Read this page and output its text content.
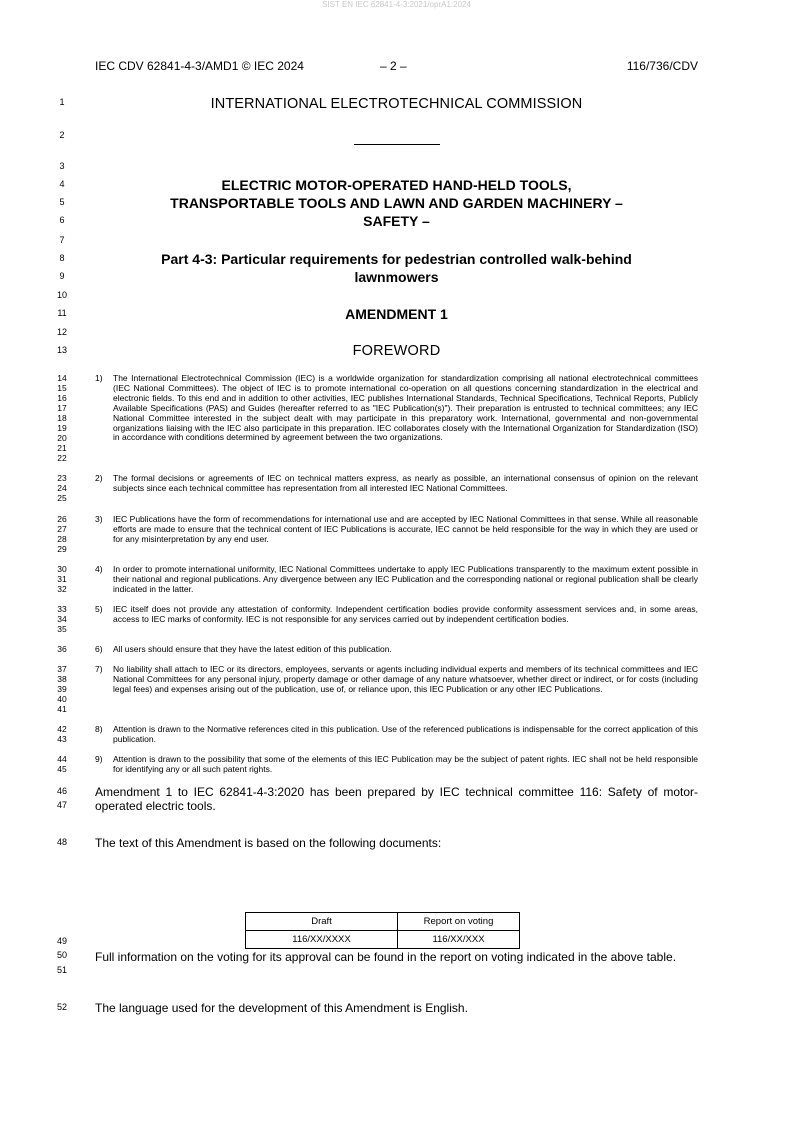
SIST EN IEC 62841-4-3:2021/oprA1:2024
IEC CDV 62841-4-3/AMD1 © IEC 2024	– 2 –	116/736/CDV
1
2
3
4
5
6
7
8
9
10
11
12
13
14
15
16
17
18
19
20
21
22
23
24
25
26
27
28
29
30
31
32
33
34
35
36
37
38
39
40
41
42
43
44
45
46
47
48
49
50
51
52
INTERNATIONAL ELECTROTECHNICAL COMMISSION
ELECTRIC MOTOR-OPERATED HAND-HELD TOOLS,
TRANSPORTABLE TOOLS AND LAWN AND GARDEN MACHINERY –
SAFETY –
Part 4-3: Particular requirements for pedestrian controlled walk-behind
lawnmowers
AMENDMENT 1
FOREWORD
1) The International Electrotechnical Commission (IEC) is a worldwide organization for standardization comprising all national electrotechnical committees (IEC National Committees). The object of IEC is to promote international co-operation on all questions concerning standardization in the electrical and electronic fields. To this end and in addition to other activities, IEC publishes International Standards, Technical Specifications, Technical Reports, Publicly Available Specifications (PAS) and Guides (hereafter referred to as "IEC Publication(s)"). Their preparation is entrusted to technical committees; any IEC National Committee interested in the subject dealt with may participate in this preparatory work. International, governmental and non-governmental organizations liaising with the IEC also participate in this preparation. IEC collaborates closely with the International Organization for Standardization (ISO) in accordance with conditions determined by agreement between the two organizations.
2) The formal decisions or agreements of IEC on technical matters express, as nearly as possible, an international consensus of opinion on the relevant subjects since each technical committee has representation from all interested IEC National Committees.
3) IEC Publications have the form of recommendations for international use and are accepted by IEC National Committees in that sense. While all reasonable efforts are made to ensure that the technical content of IEC Publications is accurate, IEC cannot be held responsible for the way in which they are used or for any misinterpretation by any end user.
4) In order to promote international uniformity, IEC National Committees undertake to apply IEC Publications transparently to the maximum extent possible in their national and regional publications. Any divergence between any IEC Publication and the corresponding national or regional publication shall be clearly indicated in the latter.
5) IEC itself does not provide any attestation of conformity. Independent certification bodies provide conformity assessment services and, in some areas, access to IEC marks of conformity. IEC is not responsible for any services carried out by independent certification bodies.
6) All users should ensure that they have the latest edition of this publication.
7) No liability shall attach to IEC or its directors, employees, servants or agents including individual experts and members of its technical committees and IEC National Committees for any personal injury, property damage or other damage of any nature whatsoever, whether direct or indirect, or for costs (including legal fees) and expenses arising out of the publication, use of, or reliance upon, this IEC Publication or any other IEC Publications.
8) Attention is drawn to the Normative references cited in this publication. Use of the referenced publications is indispensable for the correct application of this publication.
9) Attention is drawn to the possibility that some of the elements of this IEC Publication may be the subject of patent rights. IEC shall not be held responsible for identifying any or all such patent rights.
Amendment 1 to IEC 62841-4-3:2020 has been prepared by IEC technical committee 116: Safety of motor-operated electric tools.
The text of this Amendment is based on the following documents:
Draft	Report on voting
116/XX/XXXX	116/XX/XXX
Full information on the voting for its approval can be found in the report on voting indicated in the above table.
The language used for the development of this Amendment is English.
